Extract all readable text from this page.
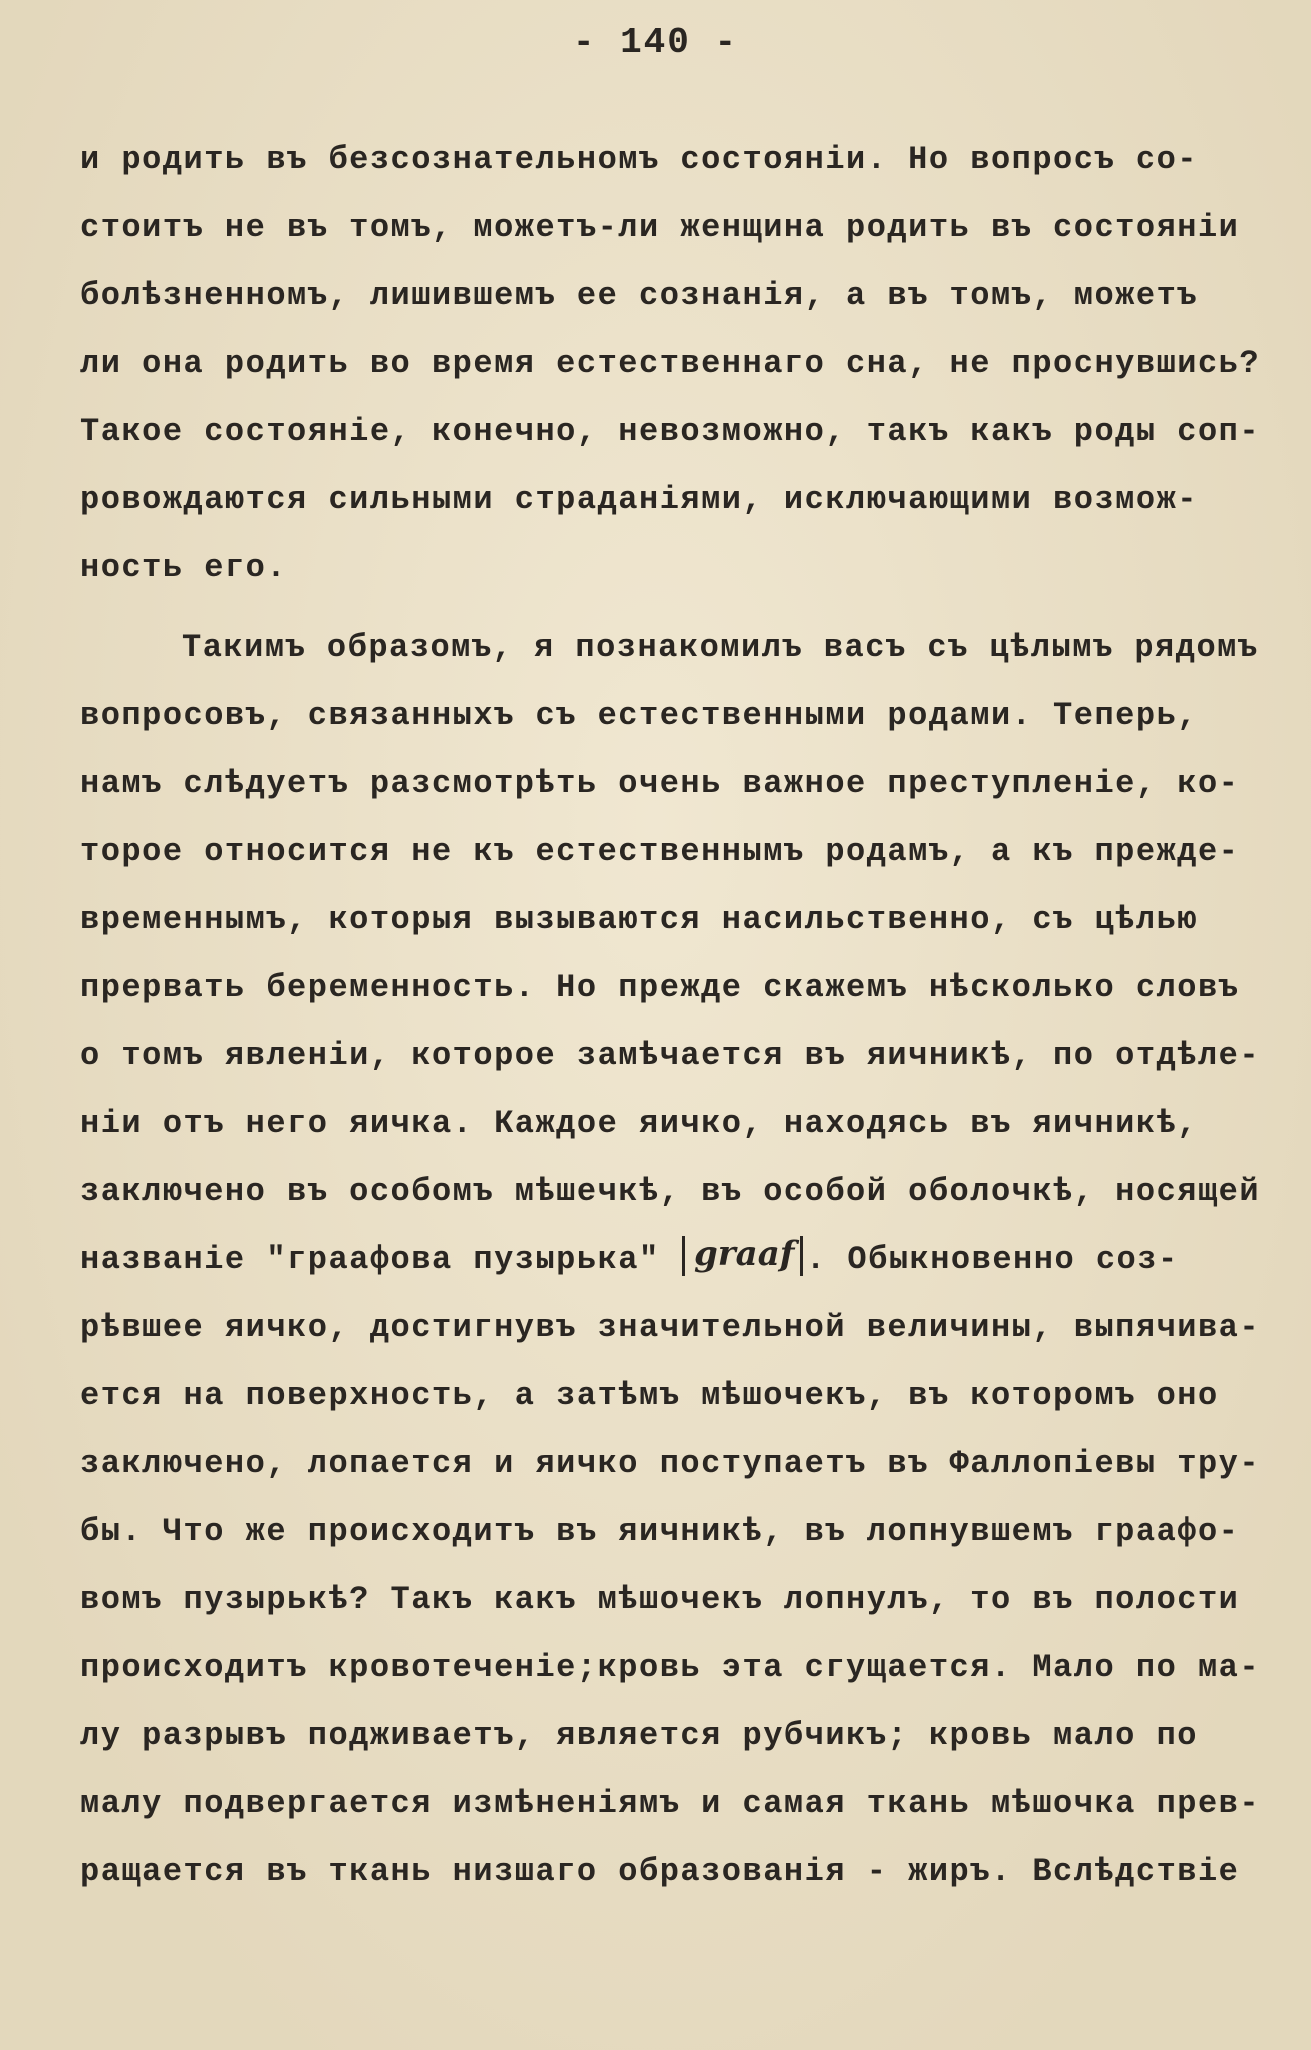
- 140 -
и родить въ безсознательномъ состоянiи. Но вопросъ со-
стоитъ не въ томъ, можетъ-ли женщина родить въ состоянiи
болѣзненномъ, лишившемъ ее сознанiя, а въ томъ, можетъ
ли она родить во время естественнаго сна, не проснувшись?
Такое состоянiе, конечно, невозможно, такъ какъ роды соп-
ровождаются сильными страданiями, исключающими возмож-
ность его.
Такимъ образомъ, я познакомилъ васъ съ цѣлымъ рядомъ
вопросовъ, связанныхъ съ естественными родами. Теперь,
намъ слѣдуетъ разсмотрѣть очень важное преступленiе, ко-
торое относится не къ естественнымъ родамъ, а къ прежде-
временнымъ, которыя вызываются насильственно, съ цѣлью
прервать беременность. Но прежде скажемъ нѣсколько словъ
о томъ явленiи, которое замѣчается въ яичникѣ, по отдѣле-
нiи отъ него яичка. Каждое яичко, находясь въ яичникѣ,
заключено въ особомъ мѣшечкѣ, въ особой оболочкѣ, носящей
названiе "граафова пузырька" graaf . Обыкновенно соз-
рѣвшее яичко, достигнувъ значительной величины, выпячива-
ется на поверхность, а затѣмъ мѣшочекъ, въ которомъ оно
заключено, лопается и яичко поступаетъ въ Фаллопiевы тру-
бы. Что же происходитъ въ яичникѣ, въ лопнувшемъ граафо-
вомъ пузырькѣ? Такъ какъ мѣшочекъ лопнулъ, то въ полости
происходитъ кровотеченiе;кровь эта сгущается. Мало по ма-
лу разрывъ подживаетъ, является рубчикъ; кровь мало по
малу подвергается измѣненiямъ и самая ткань мѣшочка прев-
ращается въ ткань низшаго образованiя - жиръ. Вслѣдствiе
